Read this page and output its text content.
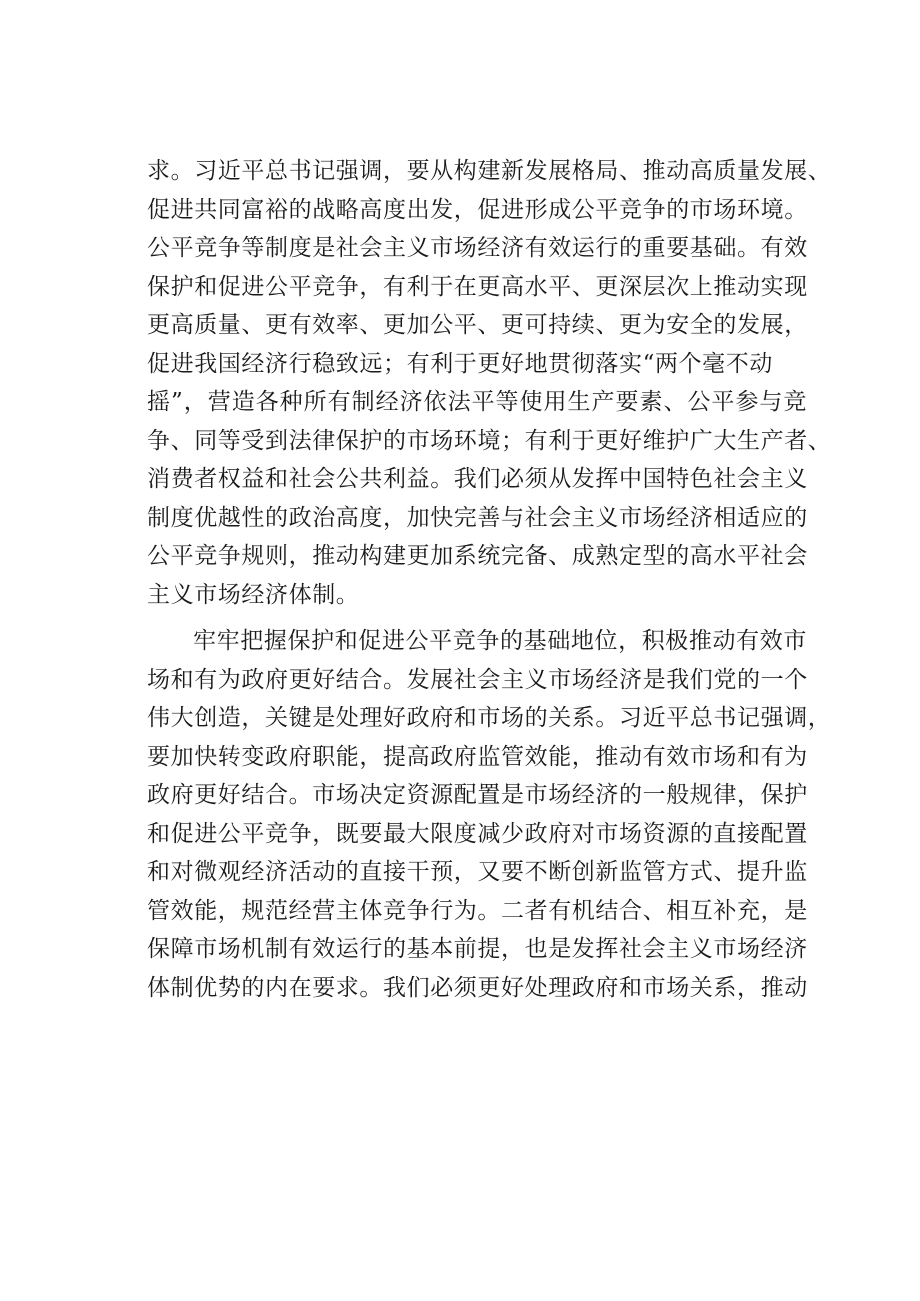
求。习近平总书记强调，要从构建新发展格局、推动高质量发展、
促进共同富裕的战略高度出发，促进形成公平竞争的市场环境。
公平竞争等制度是社会主义市场经济有效运行的重要基础。有效
保护和促进公平竞争，有利于在更高水平、更深层次上推动实现
更高质量、更有效率、更加公平、更可持续、更为安全的发展，
促进我国经济行稳致远；有利于更好地贯彻落实“两个毫不动
摇”，营造各种所有制经济依法平等使用生产要素、公平参与竞
争、同等受到法律保护的市场环境；有利于更好维护广大生产者、
消费者权益和社会公共利益。我们必须从发挥中国特色社会主义
制度优越性的政治高度，加快完善与社会主义市场经济相适应的
公平竞争规则，推动构建更加系统完备、成熟定型的高水平社会
主义市场经济体制。
牢牢把握保护和促进公平竞争的基础地位，积极推动有效市
场和有为政府更好结合。发展社会主义市场经济是我们党的一个
伟大创造，关键是处理好政府和市场的关系。习近平总书记强调，
要加快转变政府职能，提高政府监管效能，推动有效市场和有为
政府更好结合。市场决定资源配置是市场经济的一般规律，保护
和促进公平竞争，既要最大限度减少政府对市场资源的直接配置
和对微观经济活动的直接干预，又要不断创新监管方式、提升监
管效能，规范经营主体竞争行为。二者有机结合、相互补充，是
保障市场机制有效运行的基本前提，也是发挥社会主义市场经济
体制优势的内在要求。我们必须更好处理政府和市场关系，推动
